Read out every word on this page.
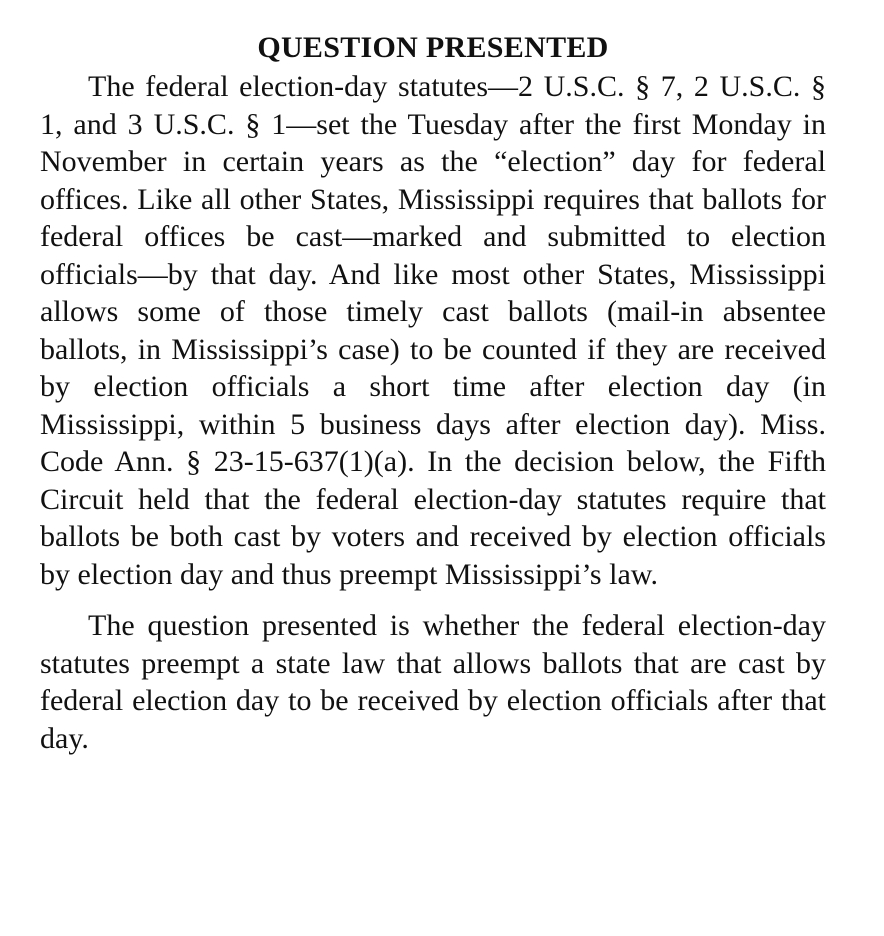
QUESTION PRESENTED

The federal election-day statutes—2 U.S.C. § 7, 2 U.S.C. § 1, and 3 U.S.C. § 1—set the Tuesday after the first Monday in November in certain years as the “election” day for federal offices. Like all other States, Mississippi requires that ballots for federal offices be cast—marked and submitted to election officials—by that day. And like most other States, Mississippi allows some of those timely cast ballots (mail-in absentee ballots, in Mississippi’s case) to be counted if they are received by election officials a short time after election day (in Mississippi, within 5 business days after election day). Miss. Code Ann. § 23-15-637(1)(a). In the decision below, the Fifth Circuit held that the federal election-day statutes require that ballots be both cast by voters and received by election officials by election day and thus preempt Mississippi’s law.

The question presented is whether the federal election-day statutes preempt a state law that allows ballots that are cast by federal election day to be received by election officials after that day.
